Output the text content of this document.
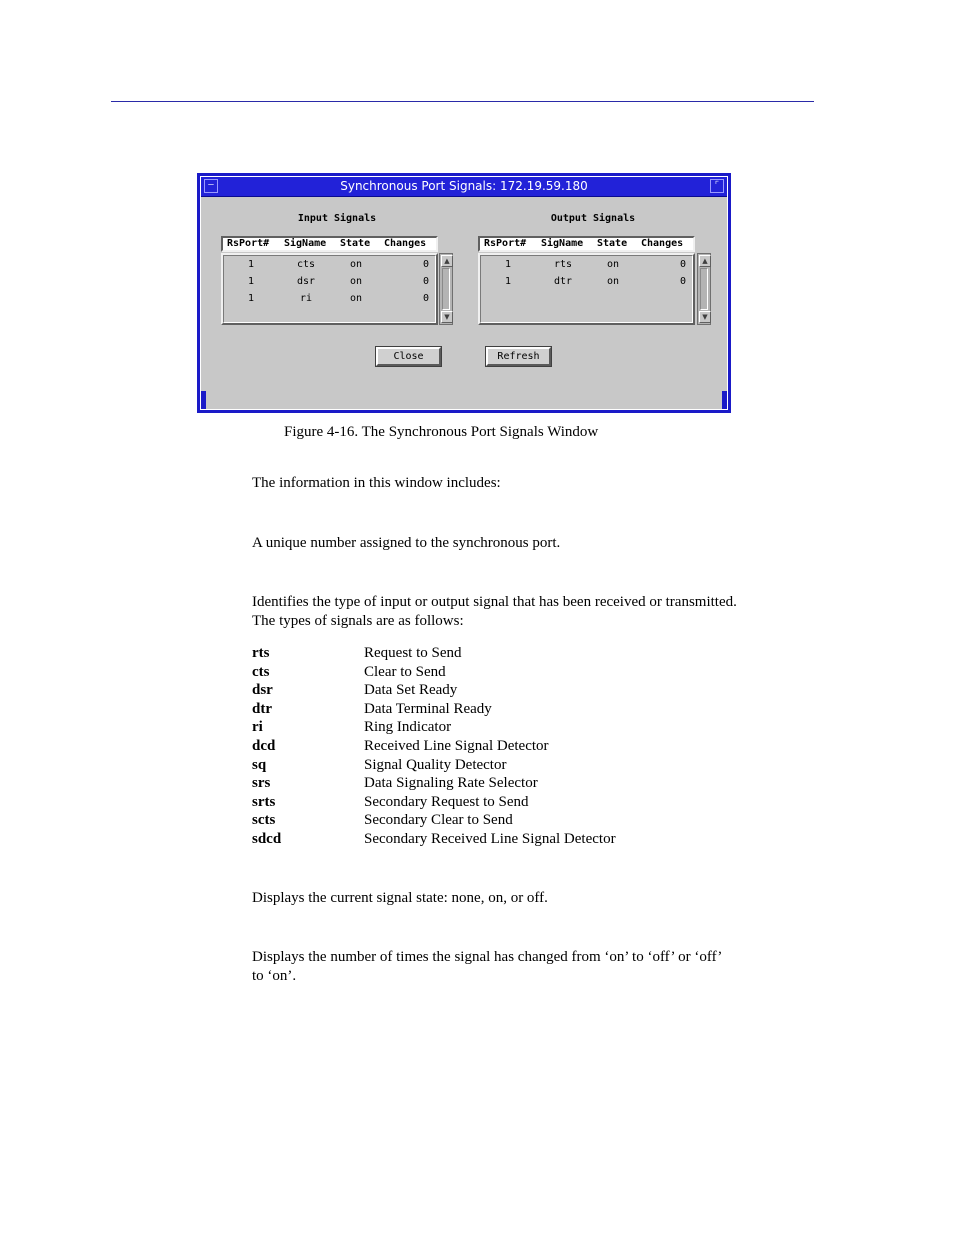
—	Synchronous Port Signals: 172.19.59.180	⌜
Input Signals
RsPort# SigName State Changes
1	cts	on	0
1	dsr	on	0
1	ri	on	0
▲
▼
Output Signals
RsPort# SigName State Changes
1	rts	on	0
1	dtr	on	0
▲
▼
Close	Refresh
Figure 4-16. The Synchronous Port Signals Window
The information in this window includes:
A unique number assigned to the synchronous port.
Identifies the type of input or output signal that has been received or transmitted.
The types of signals are as follows:
rts	Request to Send
cts	Clear to Send
dsr	Data Set Ready
dtr	Data Terminal Ready
ri	Ring Indicator
dcd	Received Line Signal Detector
sq	Signal Quality Detector
srs	Data Signaling Rate Selector
srts	Secondary Request to Send
scts	Secondary Clear to Send
sdcd	Secondary Received Line Signal Detector
Displays the current signal state: none, on, or off.
Displays the number of times the signal has changed from ‘on’ to ‘off’ or ‘off’
to ‘on’.
